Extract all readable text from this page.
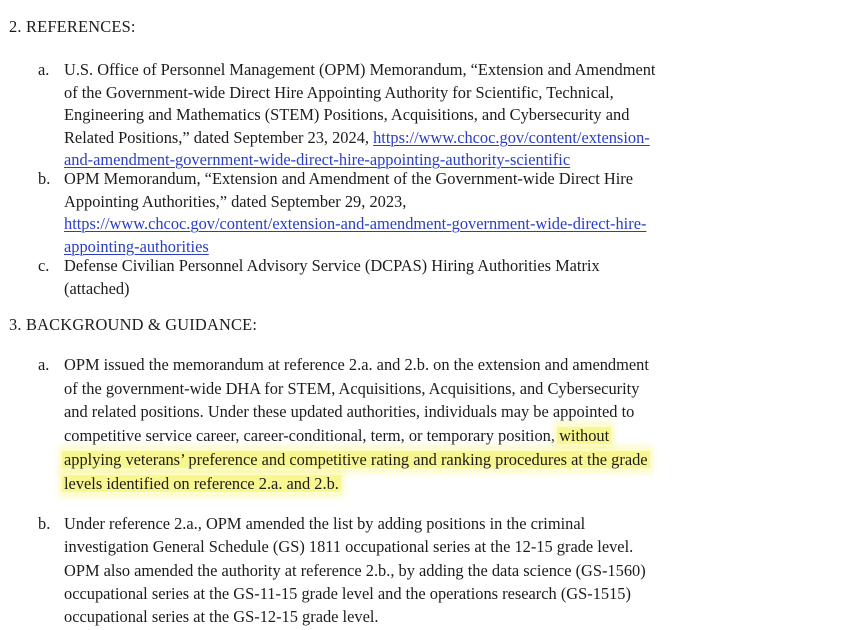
2. REFERENCES:
a. U.S. Office of Personnel Management (OPM) Memorandum, “Extension and Amendment
of the Government-wide Direct Hire Appointing Authority for Scientific, Technical,
Engineering and Mathematics (STEM) Positions, Acquisitions, and Cybersecurity and
Related Positions,” dated September 23, 2024, https://www.chcoc.gov/content/extension-
and-amendment-government-wide-direct-hire-appointing-authority-scientific
b. OPM Memorandum, “Extension and Amendment of the Government-wide Direct Hire
Appointing Authorities,” dated September 29, 2023,
https://www.chcoc.gov/content/extension-and-amendment-government-wide-direct-hire-
appointing-authorities
c. Defense Civilian Personnel Advisory Service (DCPAS) Hiring Authorities Matrix
(attached)
3. BACKGROUND & GUIDANCE:
a. OPM issued the memorandum at reference 2.a. and 2.b. on the extension and amendment
of the government-wide DHA for STEM, Acquisitions, Acquisitions, and Cybersecurity
and related positions. Under these updated authorities, individuals may be appointed to
competitive service career, career-conditional, term, or temporary position, without
applying veterans’ preference and competitive rating and ranking procedures at the grade
levels identified on reference 2.a. and 2.b.
b. Under reference 2.a., OPM amended the list by adding positions in the criminal
investigation General Schedule (GS) 1811 occupational series at the 12-15 grade level.
OPM also amended the authority at reference 2.b., by adding the data science (GS-1560)
occupational series at the GS-11-15 grade level and the operations research (GS-1515)
occupational series at the GS-12-15 grade level.
